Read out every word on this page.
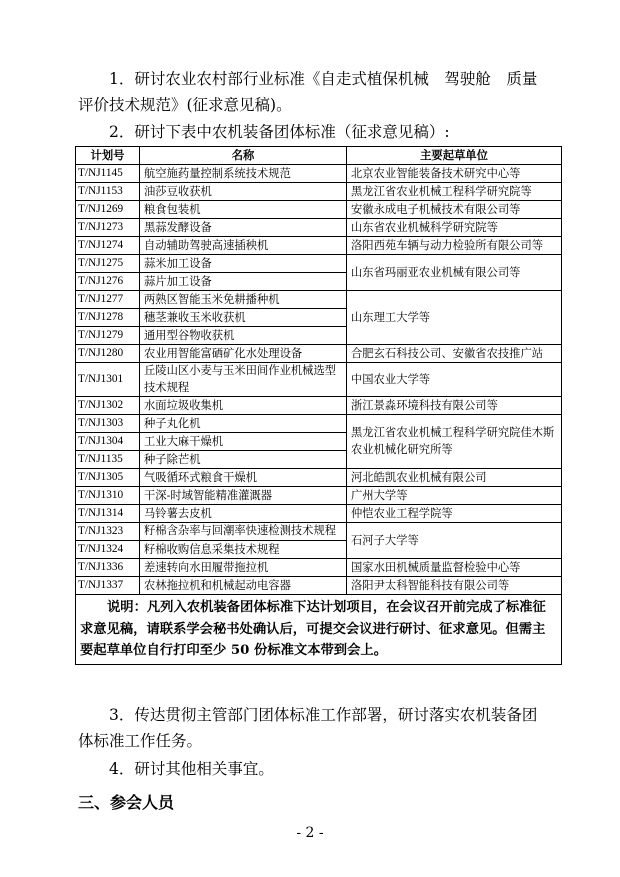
1．研讨农业农村部行业标准《自走式植保机械　驾驶舱　质量评价技术规范》(征求意见稿)。
2．研讨下表中农机装备团体标准（征求意见稿）:
计划号	名称	主要起草单位
T/NJ1145	航空施药量控制系统技术规范	北京农业智能装备技术研究中心等
T/NJ1153	油莎豆收获机	黑龙江省农业机械工程科学研究院等
T/NJ1269	粮食包装机	安徽永成电子机械技术有限公司等
T/NJ1273	黑蒜发酵设备	山东省农业机械科学研究院等
T/NJ1274	自动辅助驾驶高速插秧机	洛阳西苑车辆与动力检验所有限公司等
T/NJ1275	蒜米加工设备	山东省玛丽亚农业机械有限公司等
T/NJ1276	蒜片加工设备	
T/NJ1277	两熟区智能玉米免耕播种机	山东理工大学等
T/NJ1278	穗茎兼收玉米收获机	
T/NJ1279	通用型谷物收获机	
T/NJ1280	农业用智能富硒矿化水处理设备	合肥玄石科技公司、安徽省农技推广站
T/NJ1301	丘陵山区小麦与玉米田间作业机械选型技术规程	中国农业大学等
T/NJ1302	水面垃圾收集机	浙江景淼环境科技有限公司等
T/NJ1303	种子丸化机	黑龙江省农业机械工程科学研究院佳木斯农业机械化研究所等
T/NJ1304	工业大麻干燥机	
T/NJ1135	种子除芒机	
T/NJ1305	气吸循环式粮食干燥机	河北皓凯农业机械有限公司
T/NJ1310	干深-时域智能精准灌溉器	广州大学等
T/NJ1314	马铃薯去皮机	仲恺农业工程学院等
T/NJ1323	籽棉含杂率与回潮率快速检测技术规程	石河子大学等
T/NJ1324	籽棉收购信息采集技术规程	
T/NJ1336	差速转向水田履带拖拉机	国家水田机械质量监督检验中心等
T/NJ1337	农林拖拉机和机械起动电容器	洛阳尹太科智能科技有限公司等
说明：凡列入农机装备团体标准下达计划项目，在会议召开前完成了标准征求意见稿，请联系学会秘书处确认后，可提交会议进行研讨、征求意见。但需主要起草单位自行打印至少 50 份标准文本带到会上。		
3．传达贯彻主管部门团体标准工作部署，研讨落实农机装备团体标准工作任务。
4．研讨其他相关事宜。
三、参会人员
- 2 -
